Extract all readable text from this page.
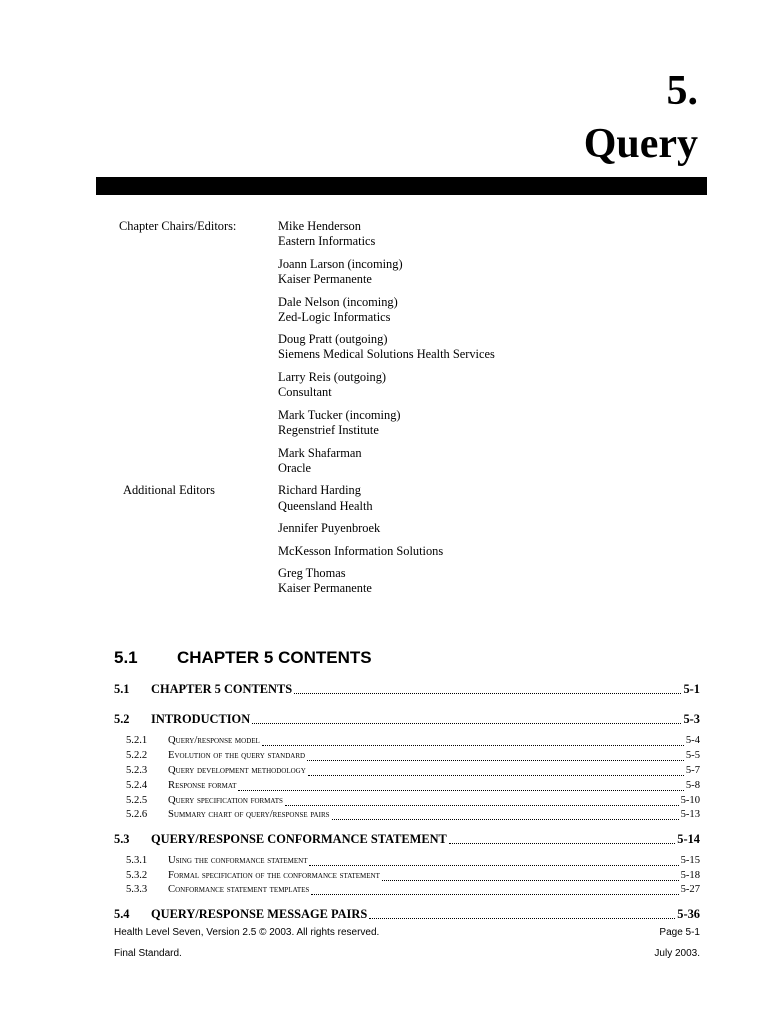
5.
Query
Chapter Chairs/Editors:	Mike Henderson
Eastern Informatics
Joann Larson (incoming)
Kaiser Permanente
Dale Nelson (incoming)
Zed-Logic Informatics
Doug Pratt (outgoing)
Siemens Medical Solutions Health Services
Larry Reis (outgoing)
Consultant
Mark Tucker (incoming)
Regenstrief Institute
Mark Shafarman
Oracle
Additional Editors	Richard Harding
Queensland Health
Jennifer Puyenbroek
McKesson Information Solutions
Greg Thomas
Kaiser Permanente
5.1 CHAPTER 5 CONTENTS
5.1	CHAPTER 5 CONTENTS	5-1
5.2	INTRODUCTION	5-3
5.2.1	Query/response model	5-4
5.2.2	Evolution of the query standard	5-5
5.2.3	Query development methodology	5-7
5.2.4	Response format	5-8
5.2.5	Query specification formats	5-10
5.2.6	Summary chart of query/response pairs	5-13
5.3	QUERY/RESPONSE CONFORMANCE STATEMENT	5-14
5.3.1	Using the conformance statement	5-15
5.3.2	Formal specification of the conformance statement	5-18
5.3.3	Conformance statement templates	5-27
5.4	QUERY/RESPONSE MESSAGE PAIRS	5-36
Health Level Seven, Version 2.5 © 2003. All rights reserved.	Page 5-1
Final Standard.	July 2003.
